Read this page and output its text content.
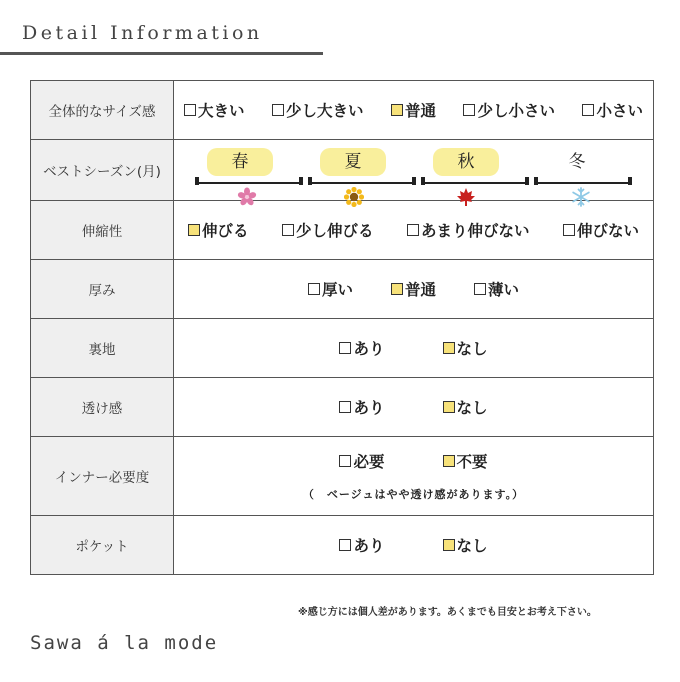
Detail Information
全体的なサイズ感	大きい 少し大きい 普通 少し小さい 小さい

ベストシーズン(月)	春 夏 秋 冬

伸縮性	伸びる 少し伸びる あまり伸びない 伸びない

厚み	厚い 普通 薄い

裏地	あり なし

透け感	あり なし

インナー必要度	必要 不要
（　ベージュはやや透け感があります。）

ポケット	あり なし
※感じ方には個人差があります。あくまでも目安とお考え下さい。
Sawa á la mode
